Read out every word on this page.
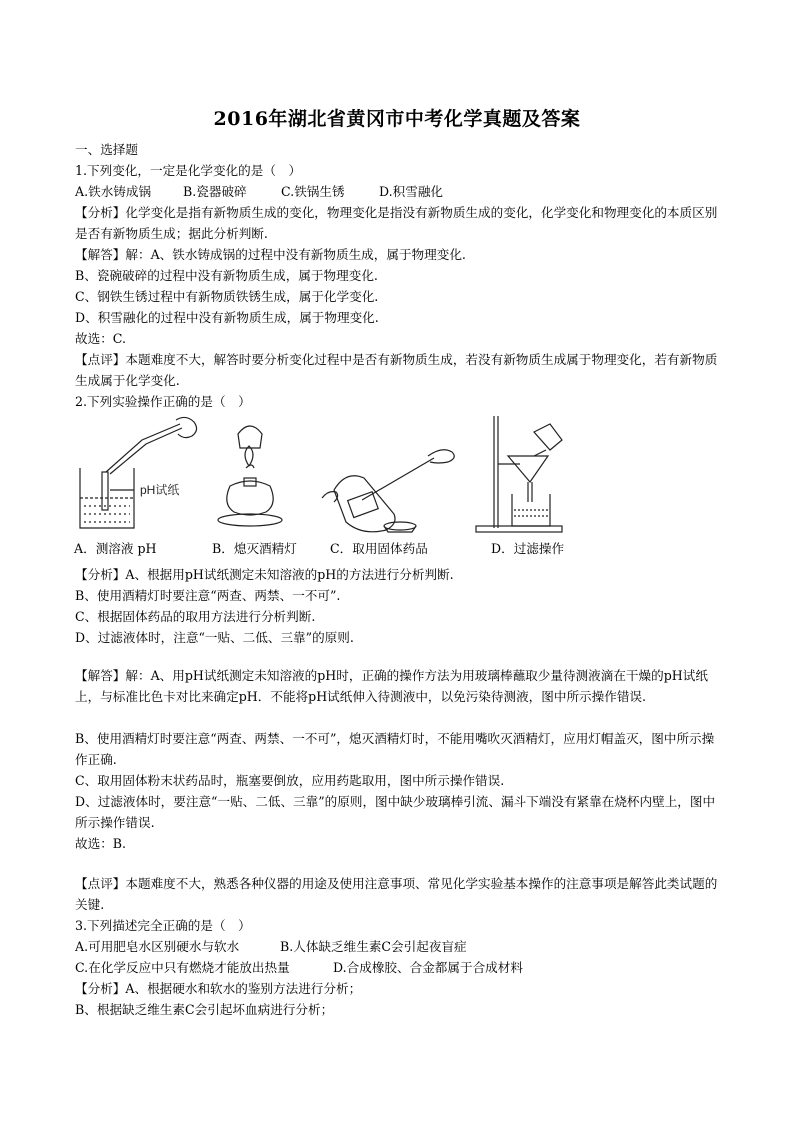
2016年湖北省黄冈市中考化学真题及答案
一、选择题
1.下列变化，一定是化学变化的是（　）
A.铁水铸成锅	B.瓷器破碎	C.铁锅生锈	D.积雪融化
【分析】化学变化是指有新物质生成的变化，物理变化是指没有新物质生成的变化，化学变化和物理变化的本质区别是否有新物质生成；据此分析判断.
【解答】解：A、铁水铸成锅的过程中没有新物质生成，属于物理变化.
B、瓷碗破碎的过程中没有新物质生成，属于物理变化.
C、钢铁生锈过程中有新物质铁锈生成，属于化学变化.
D、积雪融化的过程中没有新物质生成，属于物理变化.
故选：C.
【点评】本题难度不大，解答时要分析变化过程中是否有新物质生成，若没有新物质生成属于物理变化，若有新物质生成属于化学变化.
2.下列实验操作正确的是（　）
pH试纸
A．测溶液 pH	B．熄灭酒精灯	C．取用固体药品	D．过滤操作
【分析】A、根据用pH试纸测定未知溶液的pH的方法进行分析判断.
B、使用酒精灯时要注意“两查、两禁、一不可”.
C、根据固体药品的取用方法进行分析判断.
D、过滤液体时，注意“一贴、二低、三靠”的原则.
【解答】解：A、用pH试纸测定未知溶液的pH时，正确的操作方法为用玻璃棒蘸取少量待测液滴在干燥的pH试纸上，与标准比色卡对比来确定pH．不能将pH试纸伸入待测液中，以免污染待测液，图中所示操作错误.
B、使用酒精灯时要注意“两查、两禁、一不可”，熄灭酒精灯时，不能用嘴吹灭酒精灯，应用灯帽盖灭，图中所示操作正确.
C、取用固体粉末状药品时，瓶塞要倒放，应用药匙取用，图中所示操作错误.
D、过滤液体时，要注意“一贴、二低、三靠”的原则，图中缺少玻璃棒引流、漏斗下端没有紧靠在烧杯内壁上，图中所示操作错误.
故选：B.
【点评】本题难度不大，熟悉各种仪器的用途及使用注意事项、常见化学实验基本操作的注意事项是解答此类试题的关键.
3.下列描述完全正确的是（　）
A.可用肥皂水区别硬水与软水	B.人体缺乏维生素C会引起夜盲症
C.在化学反应中只有燃烧才能放出热量	D.合成橡胶、合金都属于合成材料
【分析】A、根据硬水和软水的鉴别方法进行分析；
B、根据缺乏维生素C会引起坏血病进行分析；
